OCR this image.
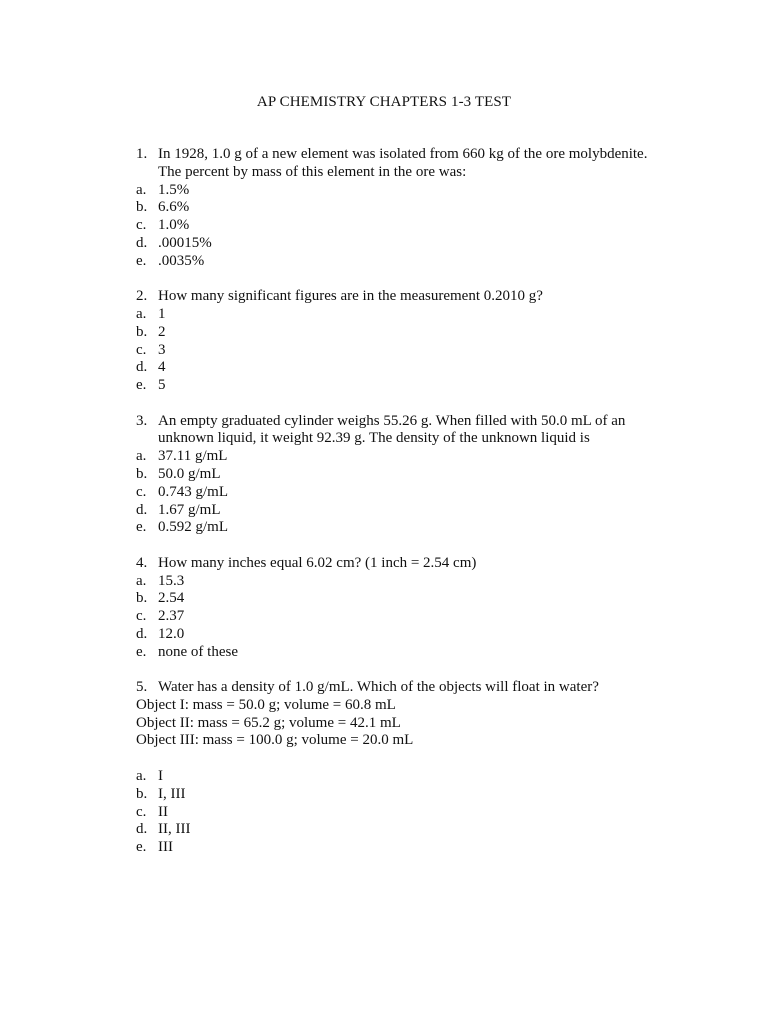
AP CHEMISTRY CHAPTERS 1-3 TEST
1. In 1928, 1.0 g of a new element was isolated from 660 kg of the ore molybdenite.
The percent by mass of this element in the ore was:
a. 1.5%
b. 6.6%
c. 1.0%
d. .00015%
e. .0035%
2. How many significant figures are in the measurement 0.2010 g?
a. 1
b. 2
c. 3
d. 4
e. 5
3. An empty graduated cylinder weighs 55.26 g. When filled with 50.0 mL of an
unknown liquid, it weight 92.39 g. The density of the unknown liquid is
a. 37.11 g/mL
b. 50.0 g/mL
c. 0.743 g/mL
d. 1.67 g/mL
e. 0.592 g/mL
4. How many inches equal 6.02 cm? (1 inch = 2.54 cm)
a. 15.3
b. 2.54
c. 2.37
d. 12.0
e. none of these
5. Water has a density of 1.0 g/mL. Which of the objects will float in water?
Object I: mass = 50.0 g; volume = 60.8 mL
Object II: mass = 65.2 g; volume = 42.1 mL
Object III: mass = 100.0 g; volume = 20.0 mL
a. I
b. I, III
c. II
d. II, III
e. III
